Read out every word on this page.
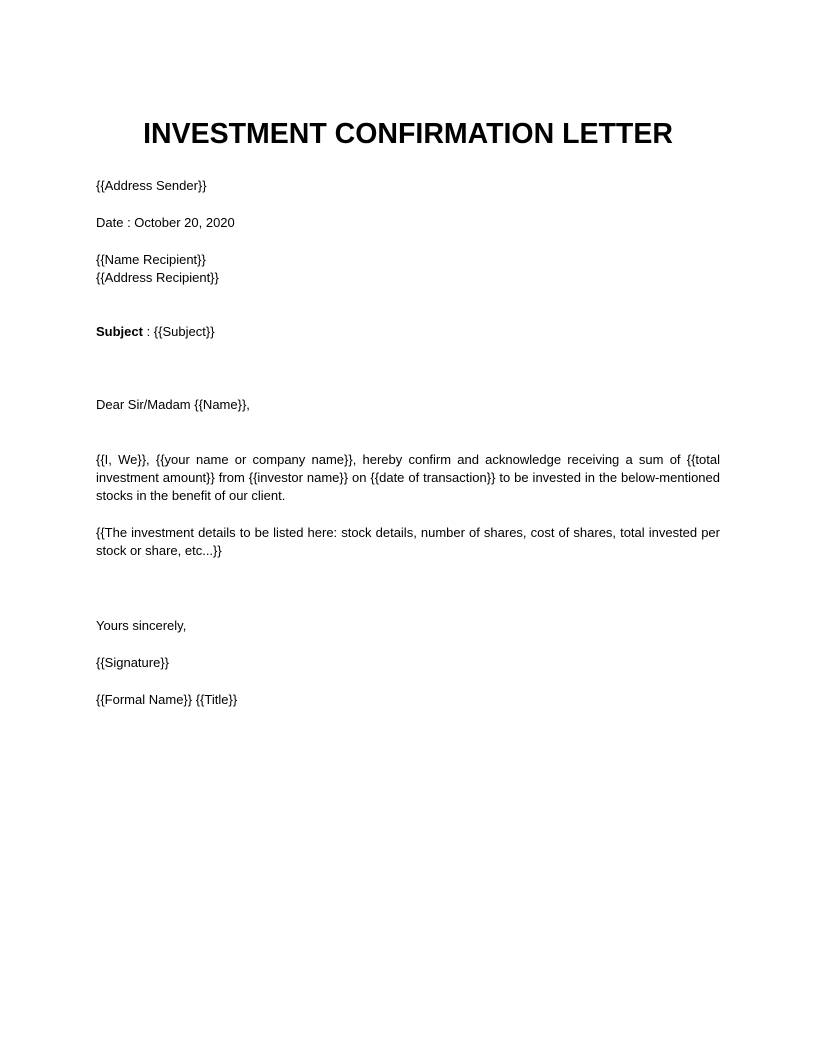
INVESTMENT CONFIRMATION LETTER
{{Address Sender}}
Date : October 20, 2020
{{Name Recipient}}
{{Address Recipient}}
Subject : {{Subject}}
Dear Sir/Madam {{Name}},
{{I, We}}, {{your name or company name}}, hereby confirm and acknowledge receiving a sum of {{total investment amount}} from {{investor name}} on {{date of transaction}} to be invested in the below-mentioned stocks in the benefit of our client.
{{The investment details to be listed here: stock details, number of shares, cost of shares, total invested per stock or share, etc...}}
Yours sincerely,
{{Signature}}
{{Formal Name}} {{Title}}
